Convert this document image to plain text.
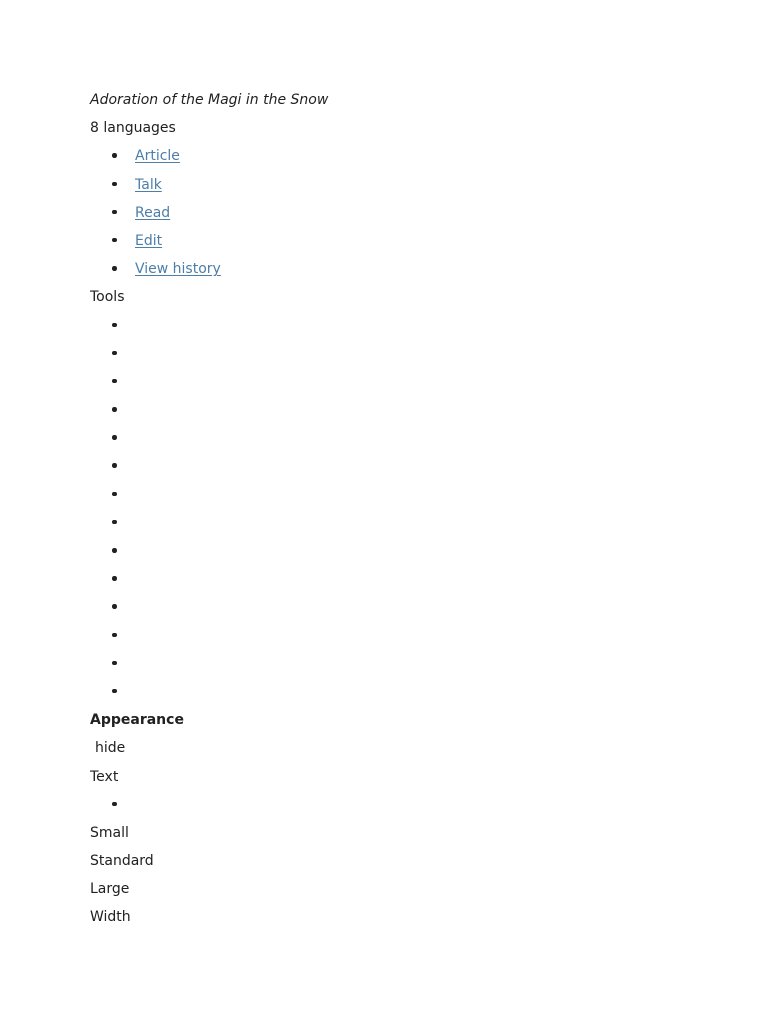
Adoration of the Magi in the Snow
8 languages
Article
Talk
Read
Edit
View history
Tools
Appearance
hide
Text
Small
Standard
Large
Width
